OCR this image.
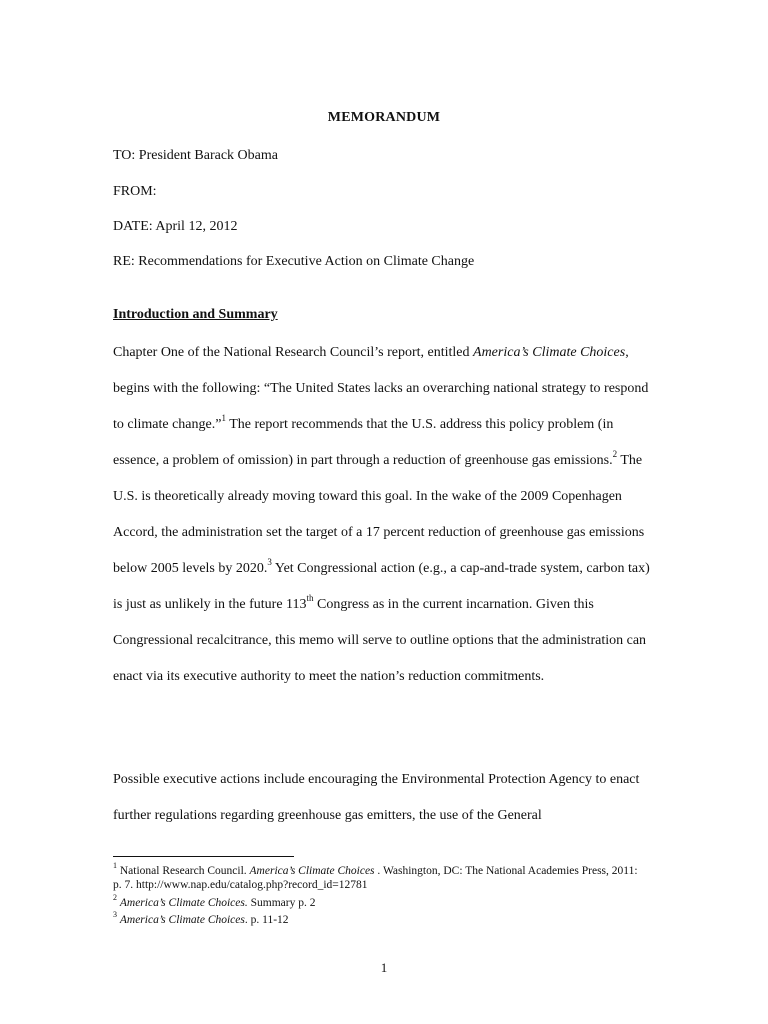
MEMORANDUM
TO: President Barack Obama
FROM:
DATE: April 12, 2012
RE: Recommendations for Executive Action on Climate Change
Introduction and Summary

Chapter One of the National Research Council’s report, entitled America’s Climate Choices, begins with the following: “The United States lacks an overarching national strategy to respond to climate change.”$^1$ The report recommends that the U.S. address this policy problem (in essence, a problem of omission) in part through a reduction of greenhouse gas emissions.$^2$ The U.S. is theoretically already moving toward this goal. In the wake of the 2009 Copenhagen Accord, the administration set the target of a 17 percent reduction of greenhouse gas emissions below 2005 levels by 2020.$^3$ Yet Congressional action (e.g., a cap-and-trade system, carbon tax) is just as unlikely in the future 113th Congress as in the current incarnation. Given this Congressional recalcitrance, this memo will serve to outline options that the administration can enact via its executive authority to meet the nation’s reduction commitments.

Possible executive actions include encouraging the Environmental Protection Agency to enact further regulations regarding greenhouse gas emitters, the use of the General

$^1$ National Research Council. America’s Climate Choices . Washington, DC: The National Academies Press, 2011: p. 7. http://www.nap.edu/catalog.php?record_id=12781
$^2$ America’s Climate Choices. Summary p. 2
$^3$ America’s Climate Choices. p. 11-12
1
